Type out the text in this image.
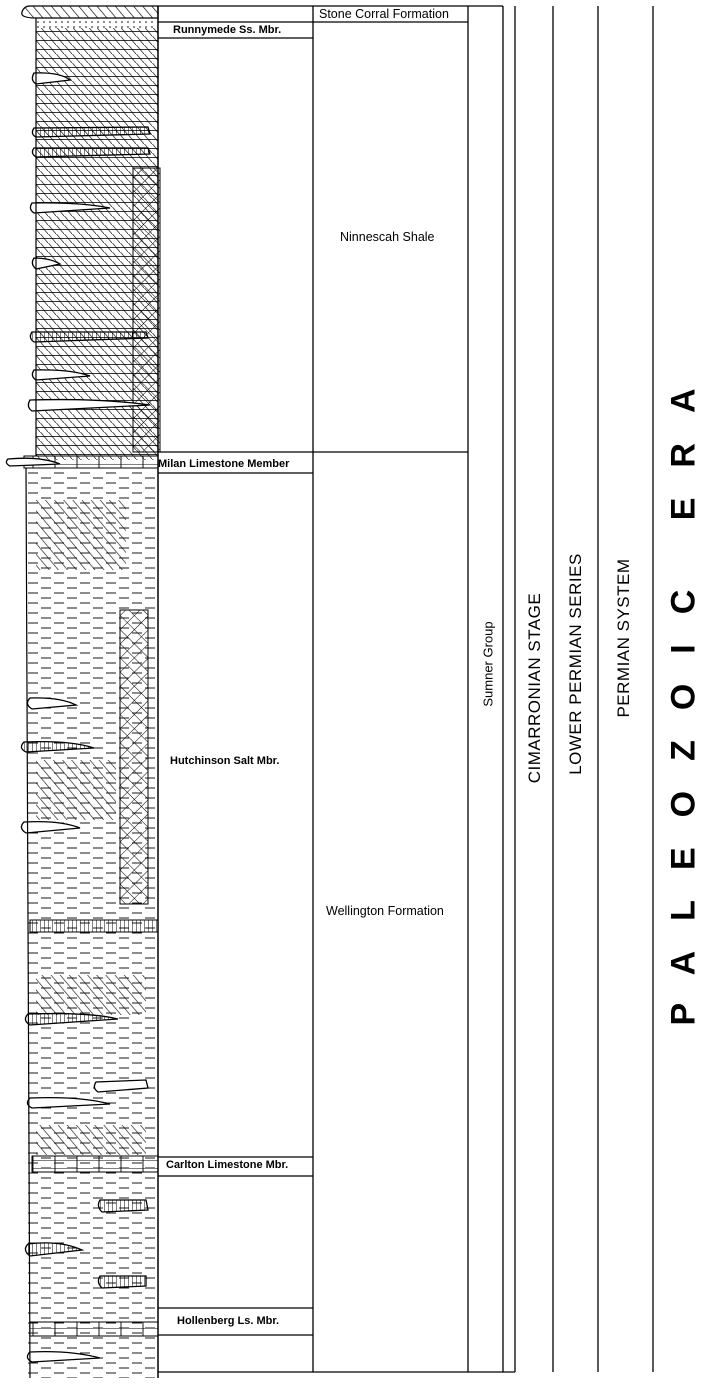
Stone Corral Formation
Runnymede Ss. Mbr.
Ninnescah Shale
Milan Limestone Member
Hutchinson Salt Mbr.
Wellington Formation
Carlton Limestone Mbr.
Hollenberg Ls. Mbr.
Sumner Group CIMARRONIAN STAGE LOWER PERMIAN SERIES PERMIAN SYSTEM PALEOZOIC ERA
